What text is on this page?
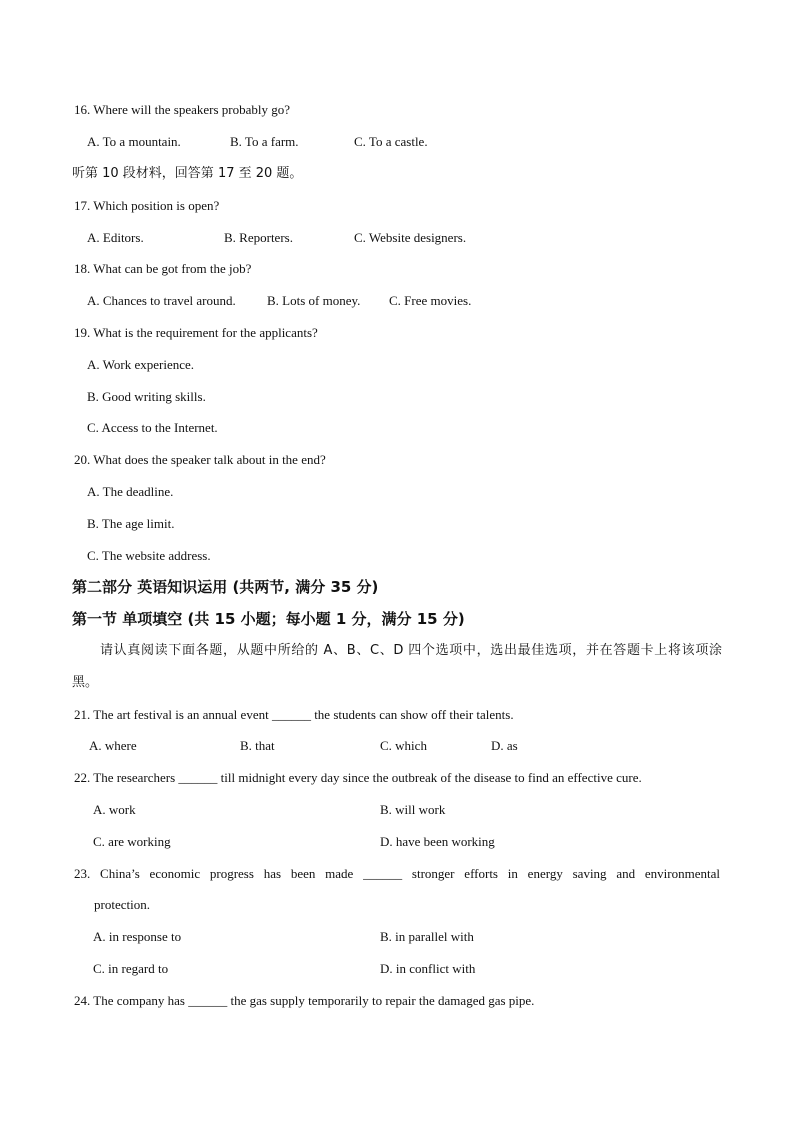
16. Where will the speakers probably go?
A. To a mountain.	B. To a farm.	C. To a castle.
听第 10 段材料，回答第 17 至 20 题。
17. Which position is open?
A. Editors.	B. Reporters.	C. Website designers.
18. What can be got from the job?
A. Chances to travel around. B. Lots of money. C. Free movies.
19. What is the requirement for the applicants?
A. Work experience.
B. Good writing skills.
C. Access to the Internet.
20. What does the speaker talk about in the end?
A. The deadline.
B. The age limit.
C. The website address.
第二部分 英语知识运用 (共两节, 满分 35 分)
第一节 单项填空 (共 15 小题；每小题 1 分，满分 15 分)
请认真阅读下面各题，从题中所给的 A、B、C、D 四个选项中，选出最佳选项，并在答题卡上将该项涂
黑。
21. The art festival is an annual event ______ the students can show off their talents.
A. where	B. that	C. which	D. as
22. The researchers ______ till midnight every day since the outbreak of the disease to find an effective cure.
A. work	B. will work
C. are working	D. have been working
23. China’s economic progress has been made ______ stronger efforts in energy saving and environmental
protection.
A. in response to	B. in parallel with
C. in regard to	D. in conflict with
24. The company has ______ the gas supply temporarily to repair the damaged gas pipe.
